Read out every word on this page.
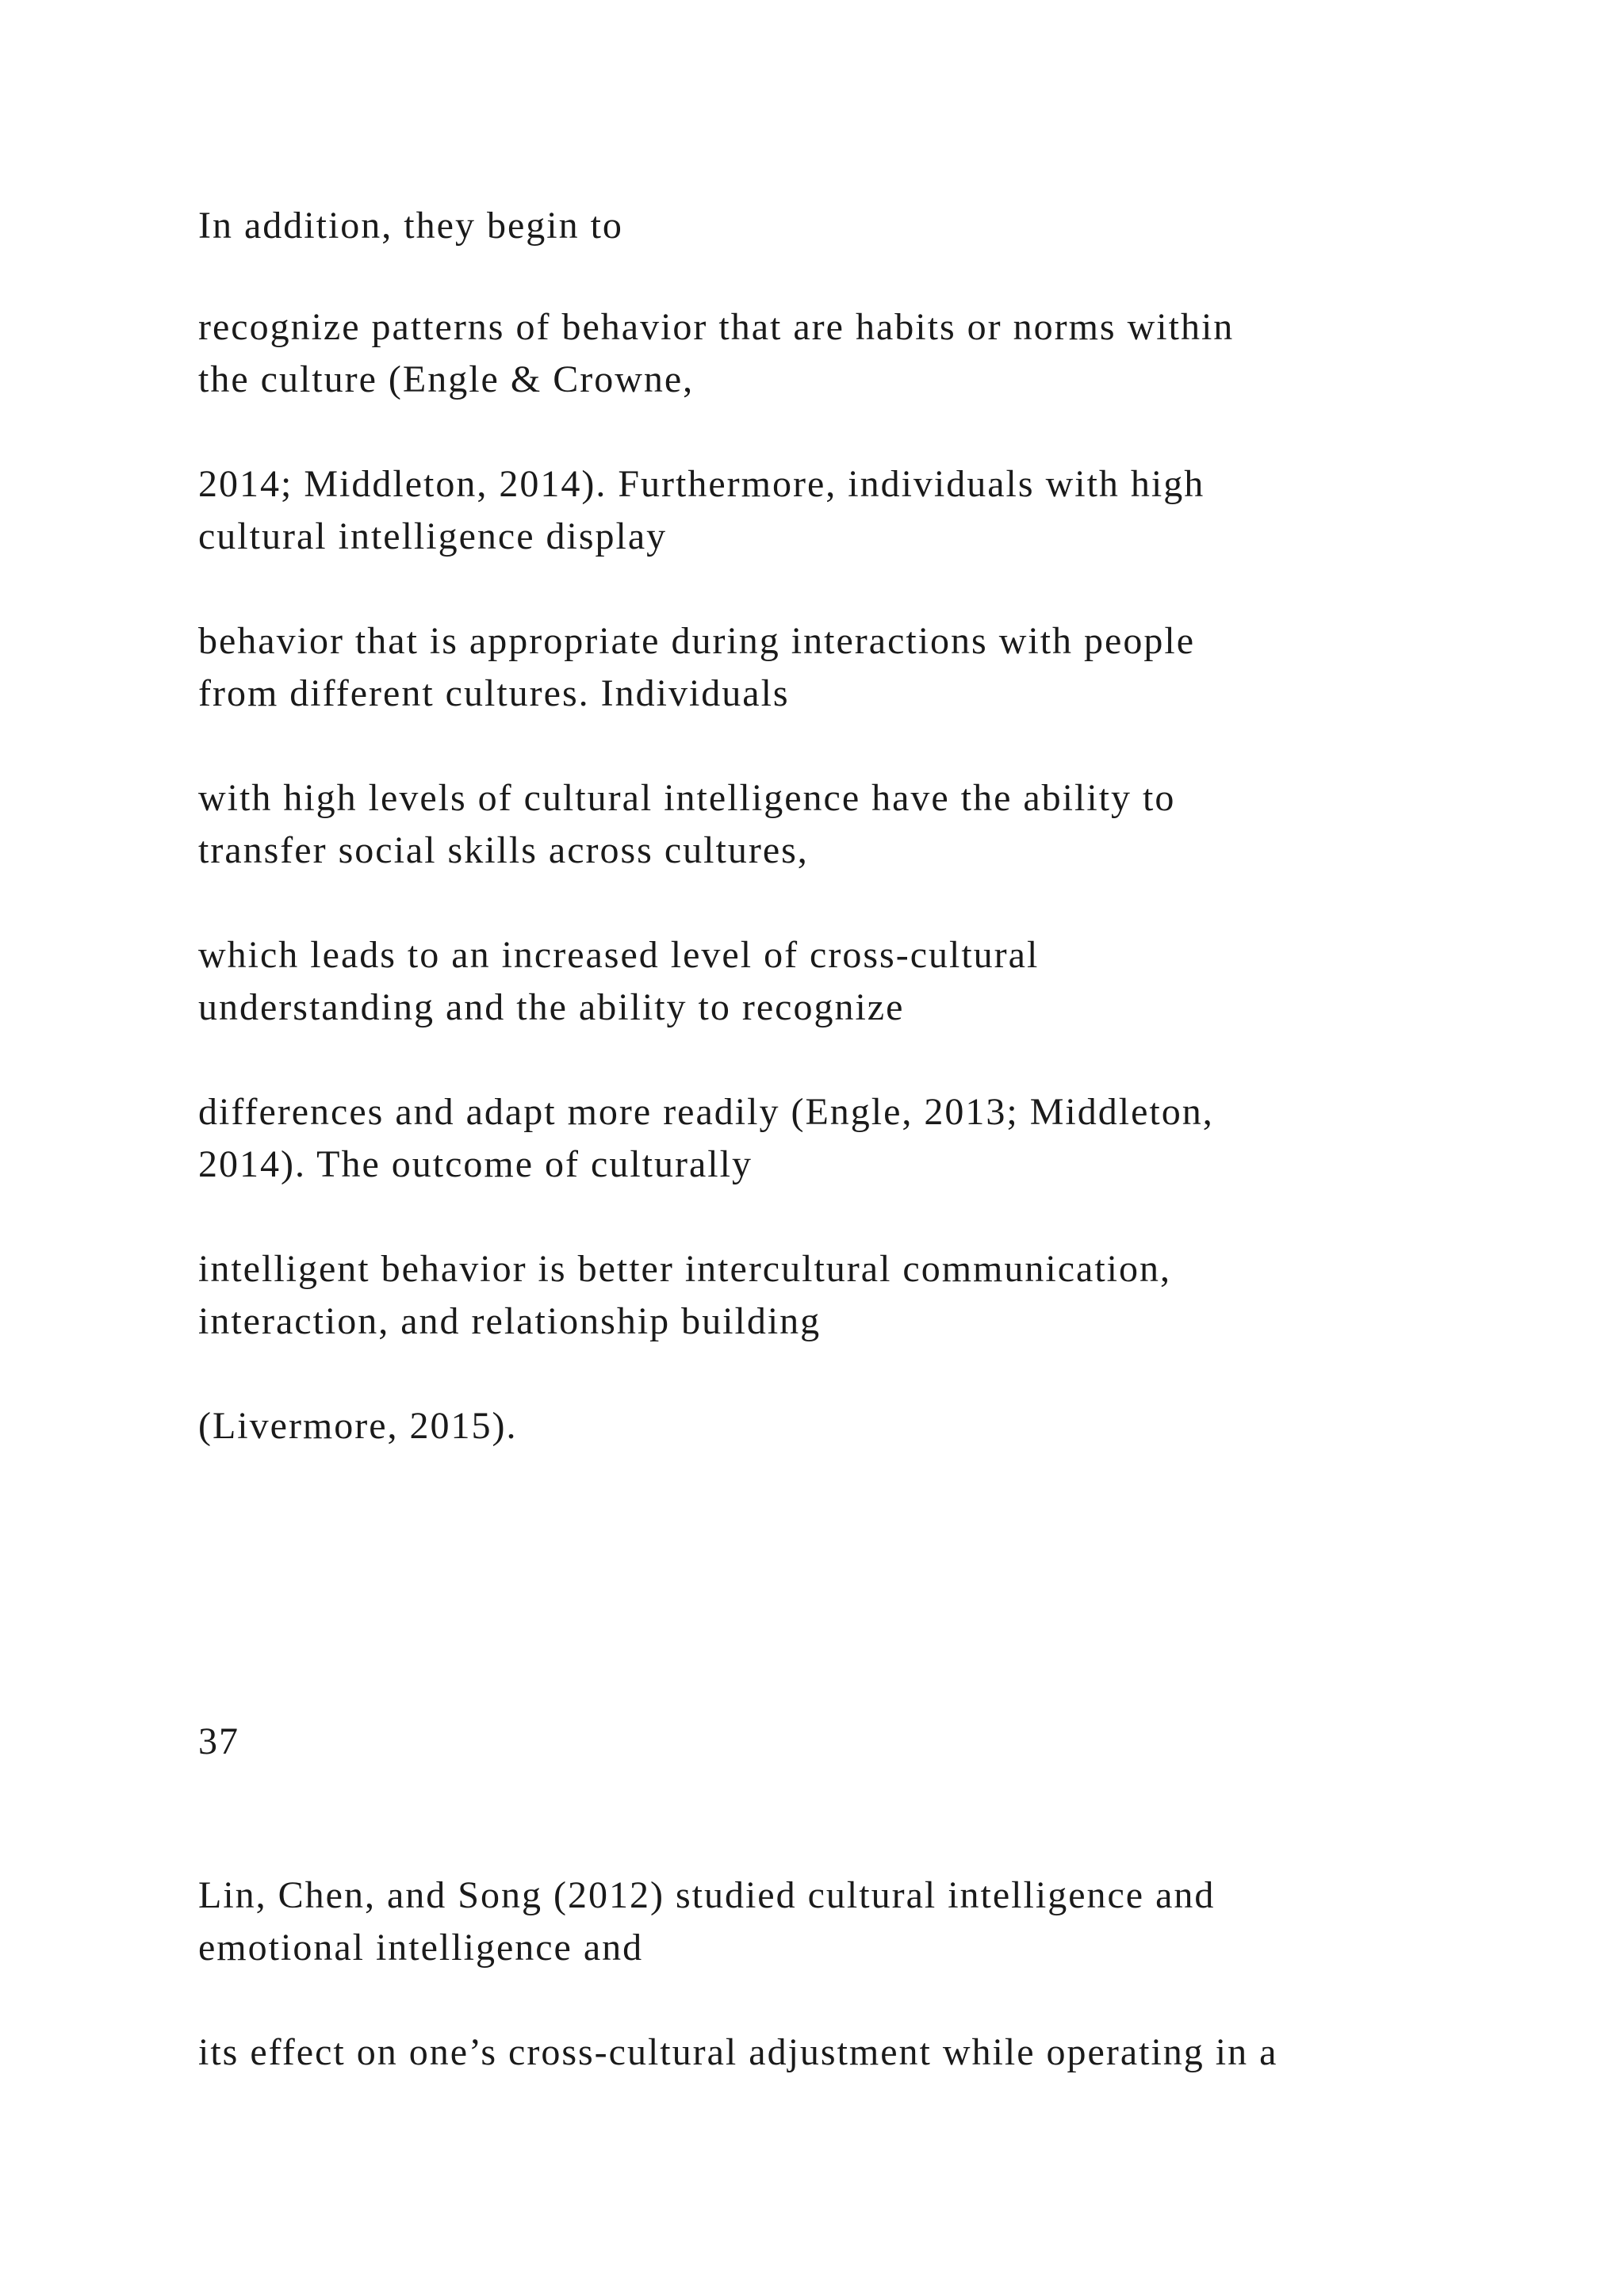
In addition, they begin to

recognize patterns of behavior that are habits or norms within
the culture (Engle & Crowne,

2014; Middleton, 2014). Furthermore, individuals with high
cultural intelligence display

behavior that is appropriate during interactions with people
from different cultures. Individuals

with high levels of cultural intelligence have the ability to
transfer social skills across cultures,

which leads to an increased level of cross-cultural
understanding and the ability to recognize

differences and adapt more readily (Engle, 2013; Middleton,
2014). The outcome of culturally

intelligent behavior is better intercultural communication,
interaction, and relationship building

(Livermore, 2015).

37

Lin, Chen, and Song (2012) studied cultural intelligence and
emotional intelligence and

its effect on one’s cross-cultural adjustment while operating in a
